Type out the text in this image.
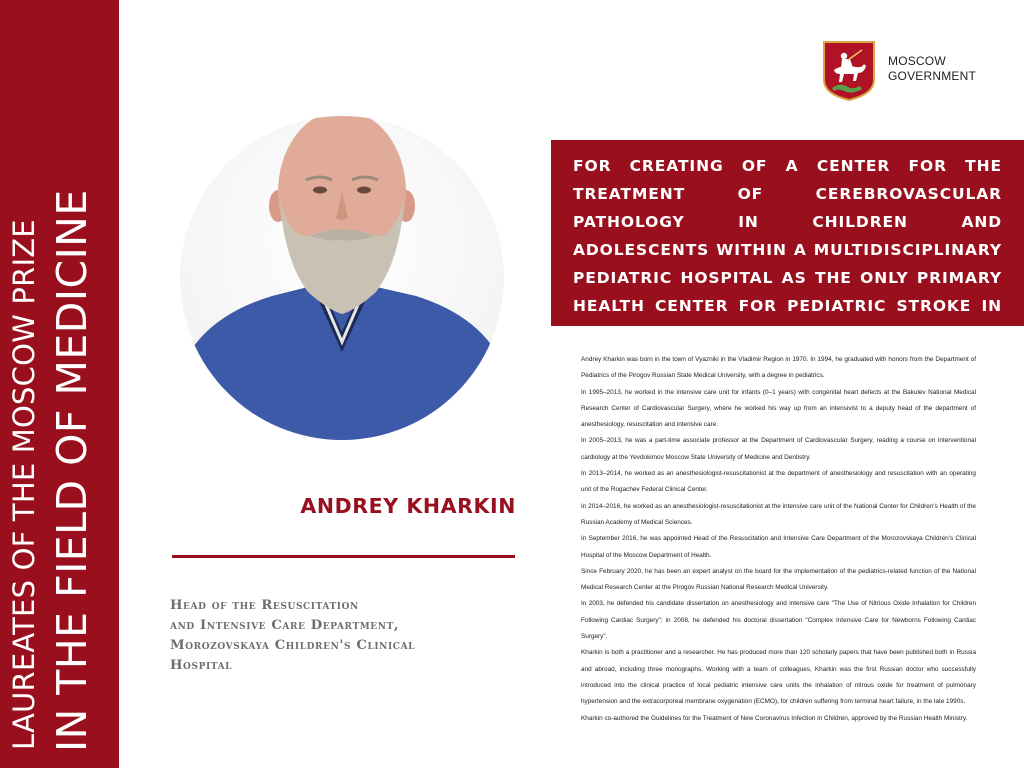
LAUREATES OF THE MOSCOW PRIZE IN THE FIELD OF MEDICINE
MOSCOW
GOVERNMENT

FOR CREATING OF A CENTER FOR THE TREATMENT OF CEREBROVASCULAR PATHOLOGY IN CHILDREN AND ADOLESCENTS WITHIN A MULTIDISCIPLINARY PEDIATRIC HOSPITAL AS THE ONLY PRIMARY HEALTH CENTER FOR PEDIATRIC STROKE IN RUSSIA

ANDREY KHARKIN
Head of the Resuscitation
and Intensive Care Department,
Morozovskaya Children's Clinical
Hospital

Andrey Kharkin was born in the town of Vyazniki in the Vladimir Region in 1970. In 1994, he graduated with honors from the Department of Pediatrics of the Pirogov Russian State Medical University, with a degree in pediatrics.

In 1995–2013, he worked in the intensive care unit for infants (0–1 years) with congenital heart defects at the Bakulev National Medical Research Center of Cardiovascular Surgery, where he worked his way up from an intensivist to a deputy head of the department of anesthesiology, resuscitation and intensive care.

In 2005–2013, he was a part-time associate professor at the Department of Cardiovascular Surgery, reading a course on interventional cardiology at the Yevdokimov Moscow State University of Medicine and Dentistry.

In 2013–2014, he worked as an anesthesiologist-resuscitationist at the department of anesthesiology and resuscitation with an operating unit of the Rogachev Federal Clinical Center.

In 2014–2016, he worked as an anesthesiologist-resuscitationist at the intensive care unit of the National Center for Children's Health of the Russian Academy of Medical Sciences.

In September 2016, he was appointed Head of the Resuscitation and Intensive Care Department of the Morozovskaya Children's Clinical Hospital of the Moscow Department of Health.

Since February 2020, he has been an expert analyst on the board for the implementation of the pediatrics-related function of the National Medical Research Center at the Pirogov Russian National Research Medical University.

In 2003, he defended his candidate dissertation on anesthesiology and intensive care "The Use of Nitrious Oxide Inhalation for Children Following Cardiac Surgery"; in 2008, he defended his doctoral dissertation "Complex Intensive Care for Newborns Following Cardiac Surgery".

Kharkin is both a practitioner and a researcher. He has produced more than 120 scholarly papers that have been published both in Russia and abroad, including three monographs. Working with a team of colleagues, Kharkin was the first Russian doctor who successfully introduced into the clinical practice of local pediatric intensive care units the inhalation of nitrous oxide for treatment of pulmonary hypertension and the extracorporeal membrane oxygenation (ECMO), for children suffering from terminal heart failure, in the late 1990s.

Kharkin co-authored the Guidelines for the Treatment of New Coronavirus Infection in Children, approved by the Russian Health Ministry.
